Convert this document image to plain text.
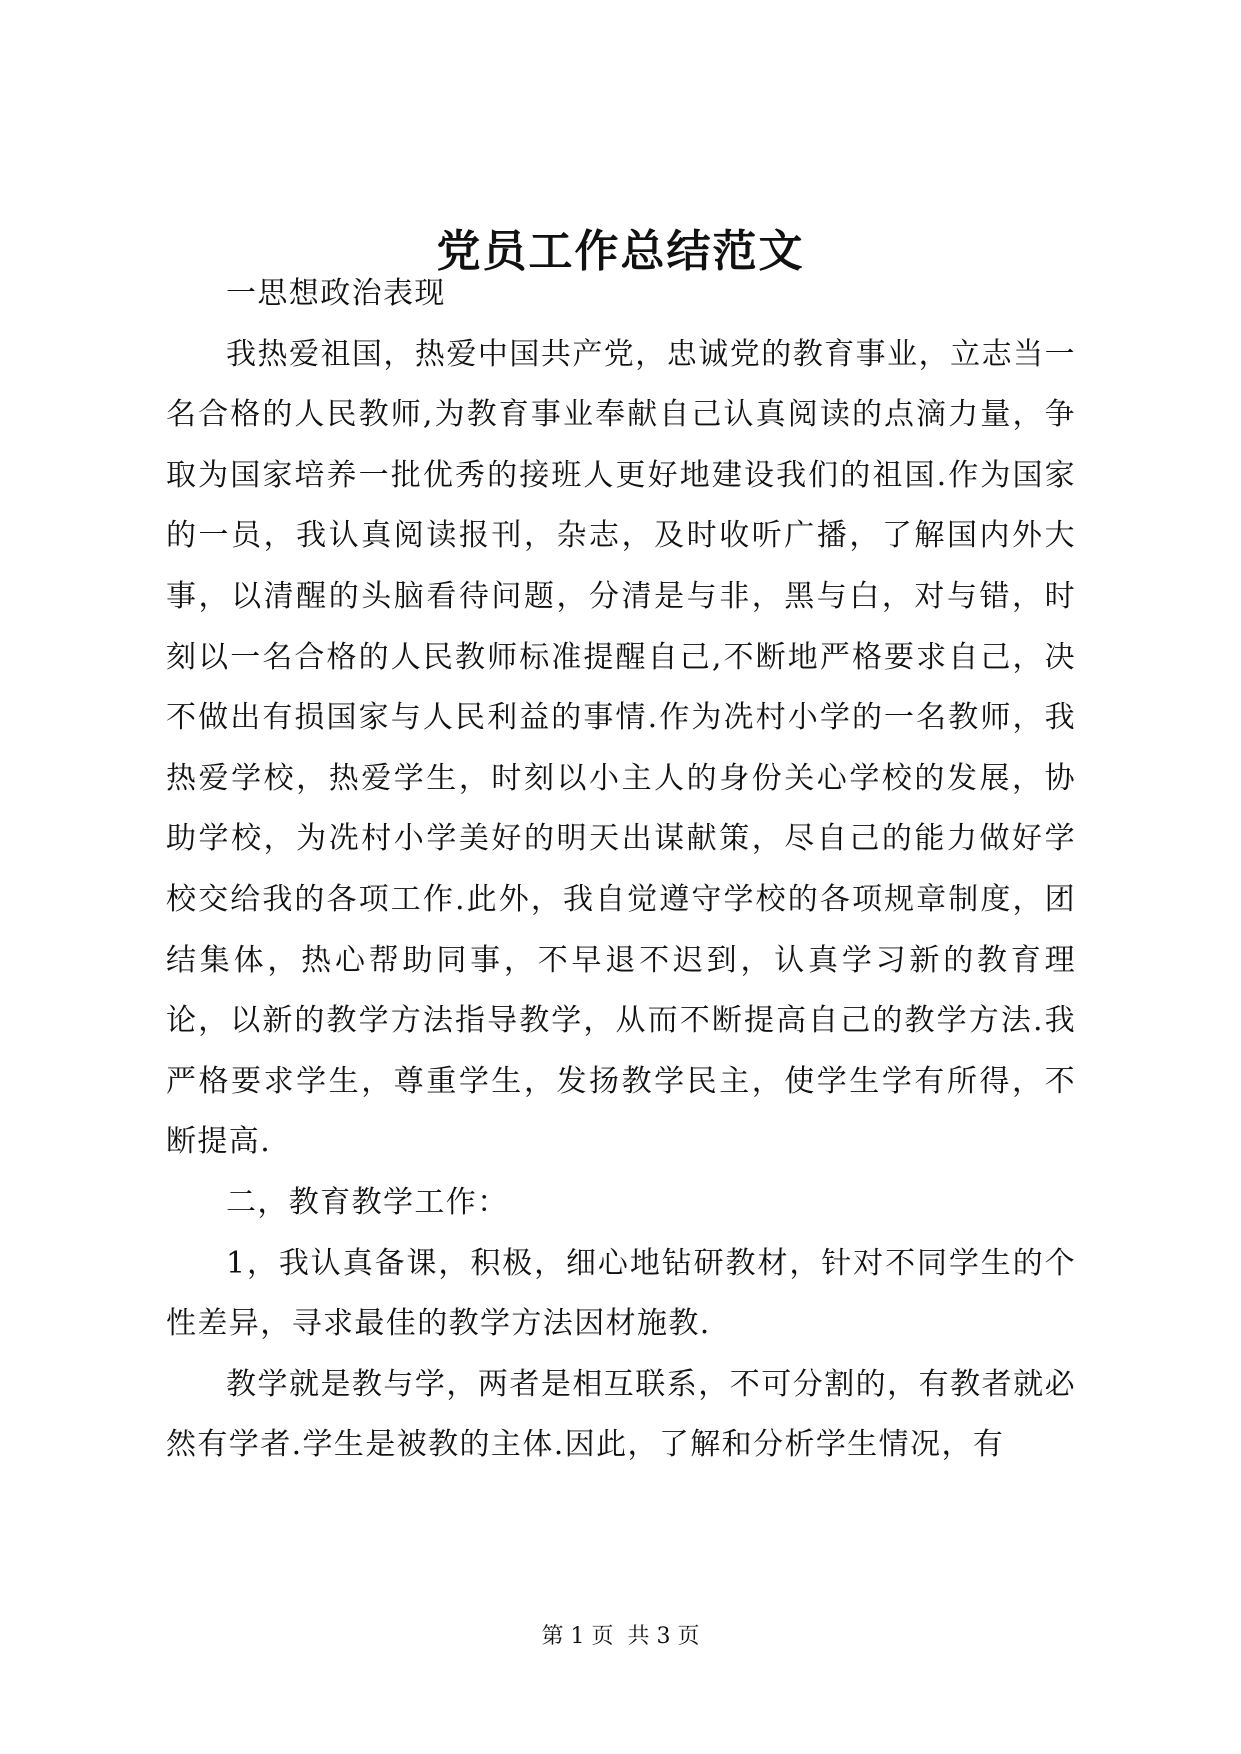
党员工作总结范文

一思想政治表现

我热爱祖国，热爱中国共产党，忠诚党的教育事业，立志当一名合格的人民教师,为教育事业奉献自己认真阅读的点滴力量，争取为国家培养一批优秀的接班人更好地建设我们的祖国.作为国家的一员，我认真阅读报刊，杂志，及时收听广播，了解国内外大事，以清醒的头脑看待问题，分清是与非，黑与白，对与错，时刻以一名合格的人民教师标准提醒自己,不断地严格要求自己，决不做出有损国家与人民利益的事情.作为冼村小学的一名教师，我热爱学校，热爱学生，时刻以小主人的身份关心学校的发展，协助学校，为冼村小学美好的明天出谋献策，尽自己的能力做好学校交给我的各项工作.此外，我自觉遵守学校的各项规章制度，团结集体，热心帮助同事，不早退不迟到，认真学习新的教育理论，以新的教学方法指导教学，从而不断提高自己的教学方法.我严格要求学生，尊重学生，发扬教学民主，使学生学有所得，不断提高.

二，教育教学工作：

1，我认真备课，积极，细心地钻研教材，针对不同学生的个性差异，寻求最佳的教学方法因材施教.

教学就是教与学，两者是相互联系，不可分割的，有教者就必然有学者.学生是被教的主体.因此，了解和分析学生情况，有

第 1 页  共 3 页
